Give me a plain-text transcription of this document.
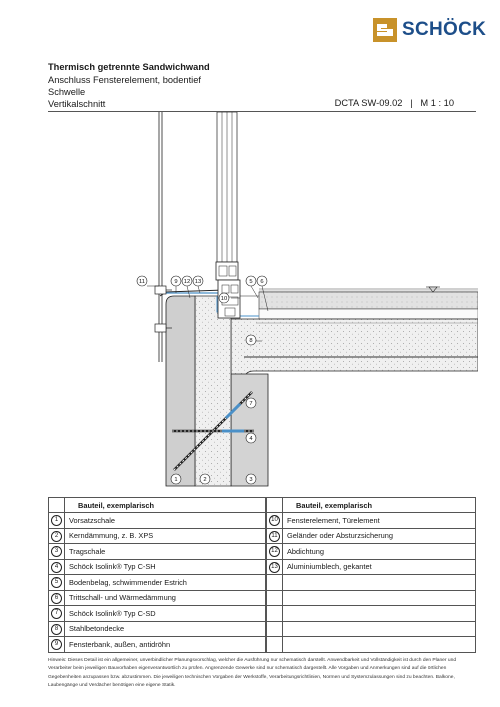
SCHÖCK
Thermisch getrennte Sandwichwand
Anschluss Fensterelement, bodentief
Schwelle
Vertikalschnitt	DCTA SW-09.02 | M 1 : 10
11	9 12 13	5 6
10
8
7
4
1	2	3
	Bauteil, exemplarisch
1	Vorsatzschale
2	Kerndämmung, z. B. XPS
3	Tragschale
4	Schöck Isolink® Typ C-SH
5	Bodenbelag, schwimmender Estrich
6	Trittschall- und Wärmedämmung
7	Schöck Isolink® Typ C-SD
8	Stahlbetondecke
9	Fensterbank, außen, antidröhn
	Bauteil, exemplarisch
10	Fensterelement, Türelement
11	Geländer oder Absturzsicherung
12	Abdichtung
13	Aluminiumblech, gekantet

Hinweis: Dieses Detail ist ein allgemeiner, unverbindlicher Planungsvorschlag, welcher die Ausführung nur schematisch darstellt. Anwendbarkeit und Vollständigkeit ist durch den Planer und Verarbeiter beim jeweiligen Bauvorhaben eigenverantwortlich zu prüfen. Angrenzende Gewerke sind nur schematisch dargestellt. Alle Vorgaben und Anmerkungen sind auf die örtlichen Gegebenheiten anzupassen bzw. abzustimmen. Die jeweiligen technischen Vorgaben der Werkstoffe, Verarbeitungsrichtlinien, Normen und Systemzulassungen sind zu beachten. Balkone, Laubengänge und Verdächer benötigen eine eigene Statik.
